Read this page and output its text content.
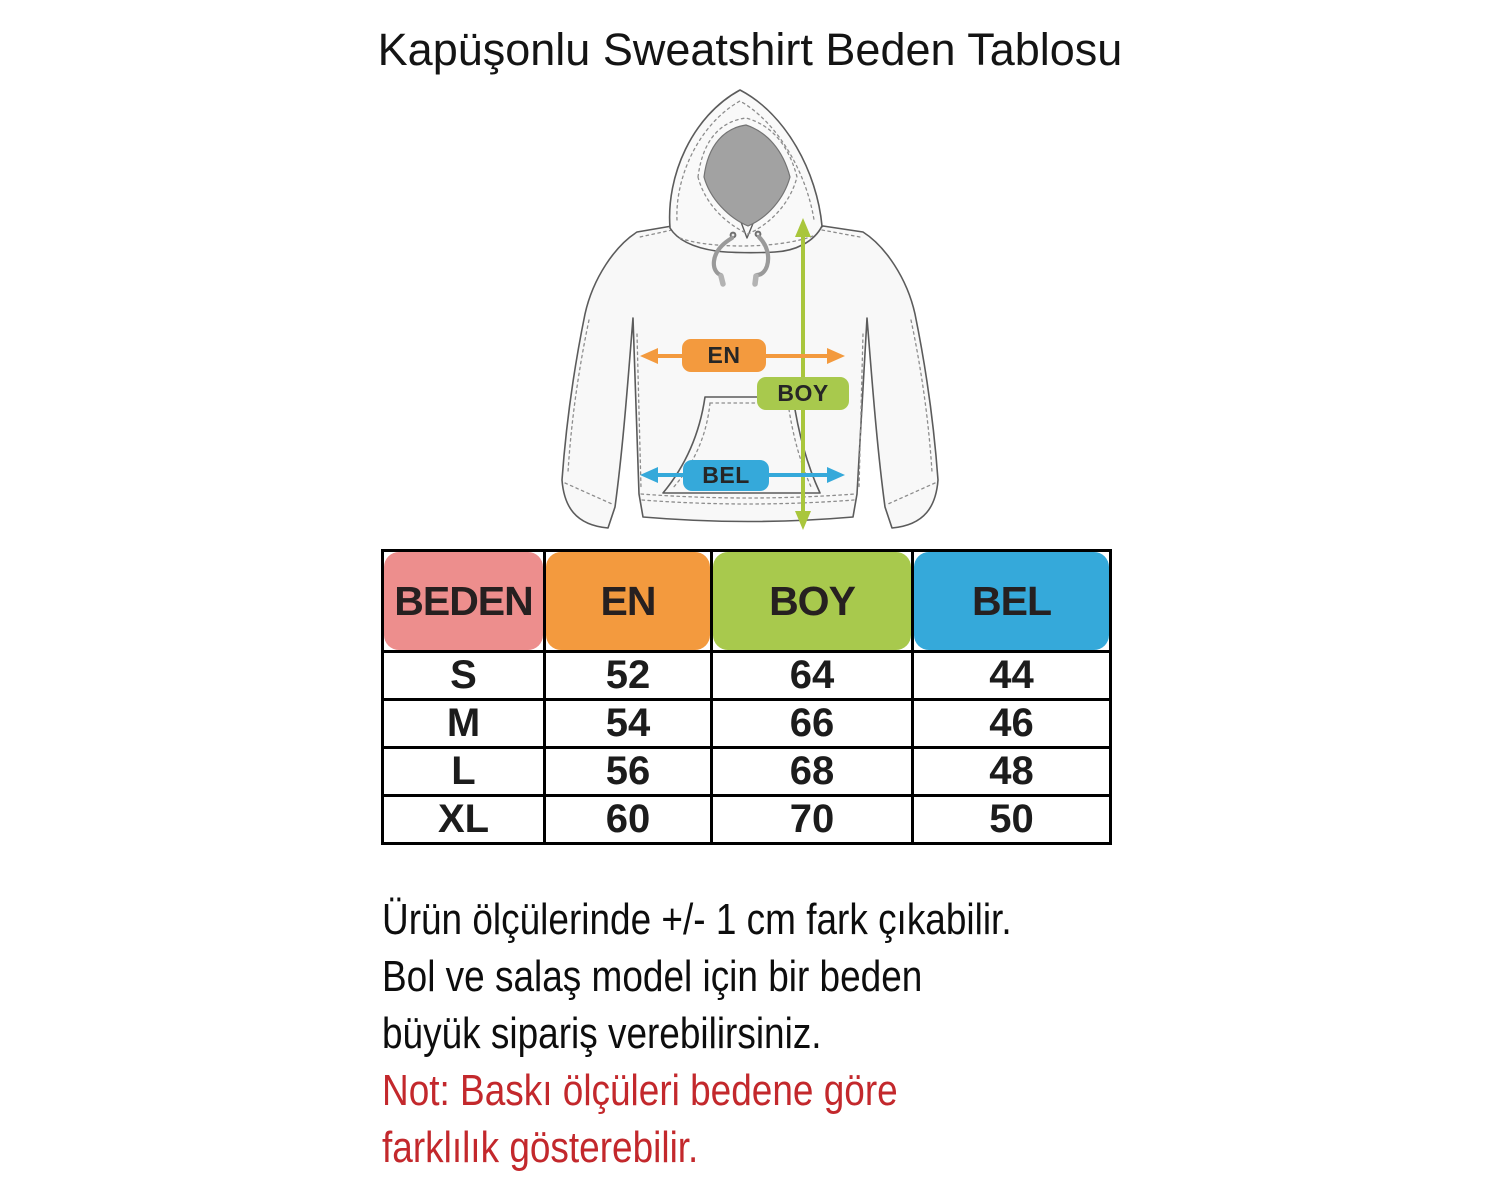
Kapüşonlu Sweatshirt Beden Tablosu
EN
BOY
BEL
BEDEN	EN	BOY	BEL

S	52	64	44
M	54	66	46
L	56	68	48
XL	60	70	50

Ürün ölçülerinde +/- 1 cm fark çıkabilir.

Bol ve salaş model için bir beden

büyük sipariş verebilirsiniz.

Not: Baskı ölçüleri bedene göre

farklılık gösterebilir.
